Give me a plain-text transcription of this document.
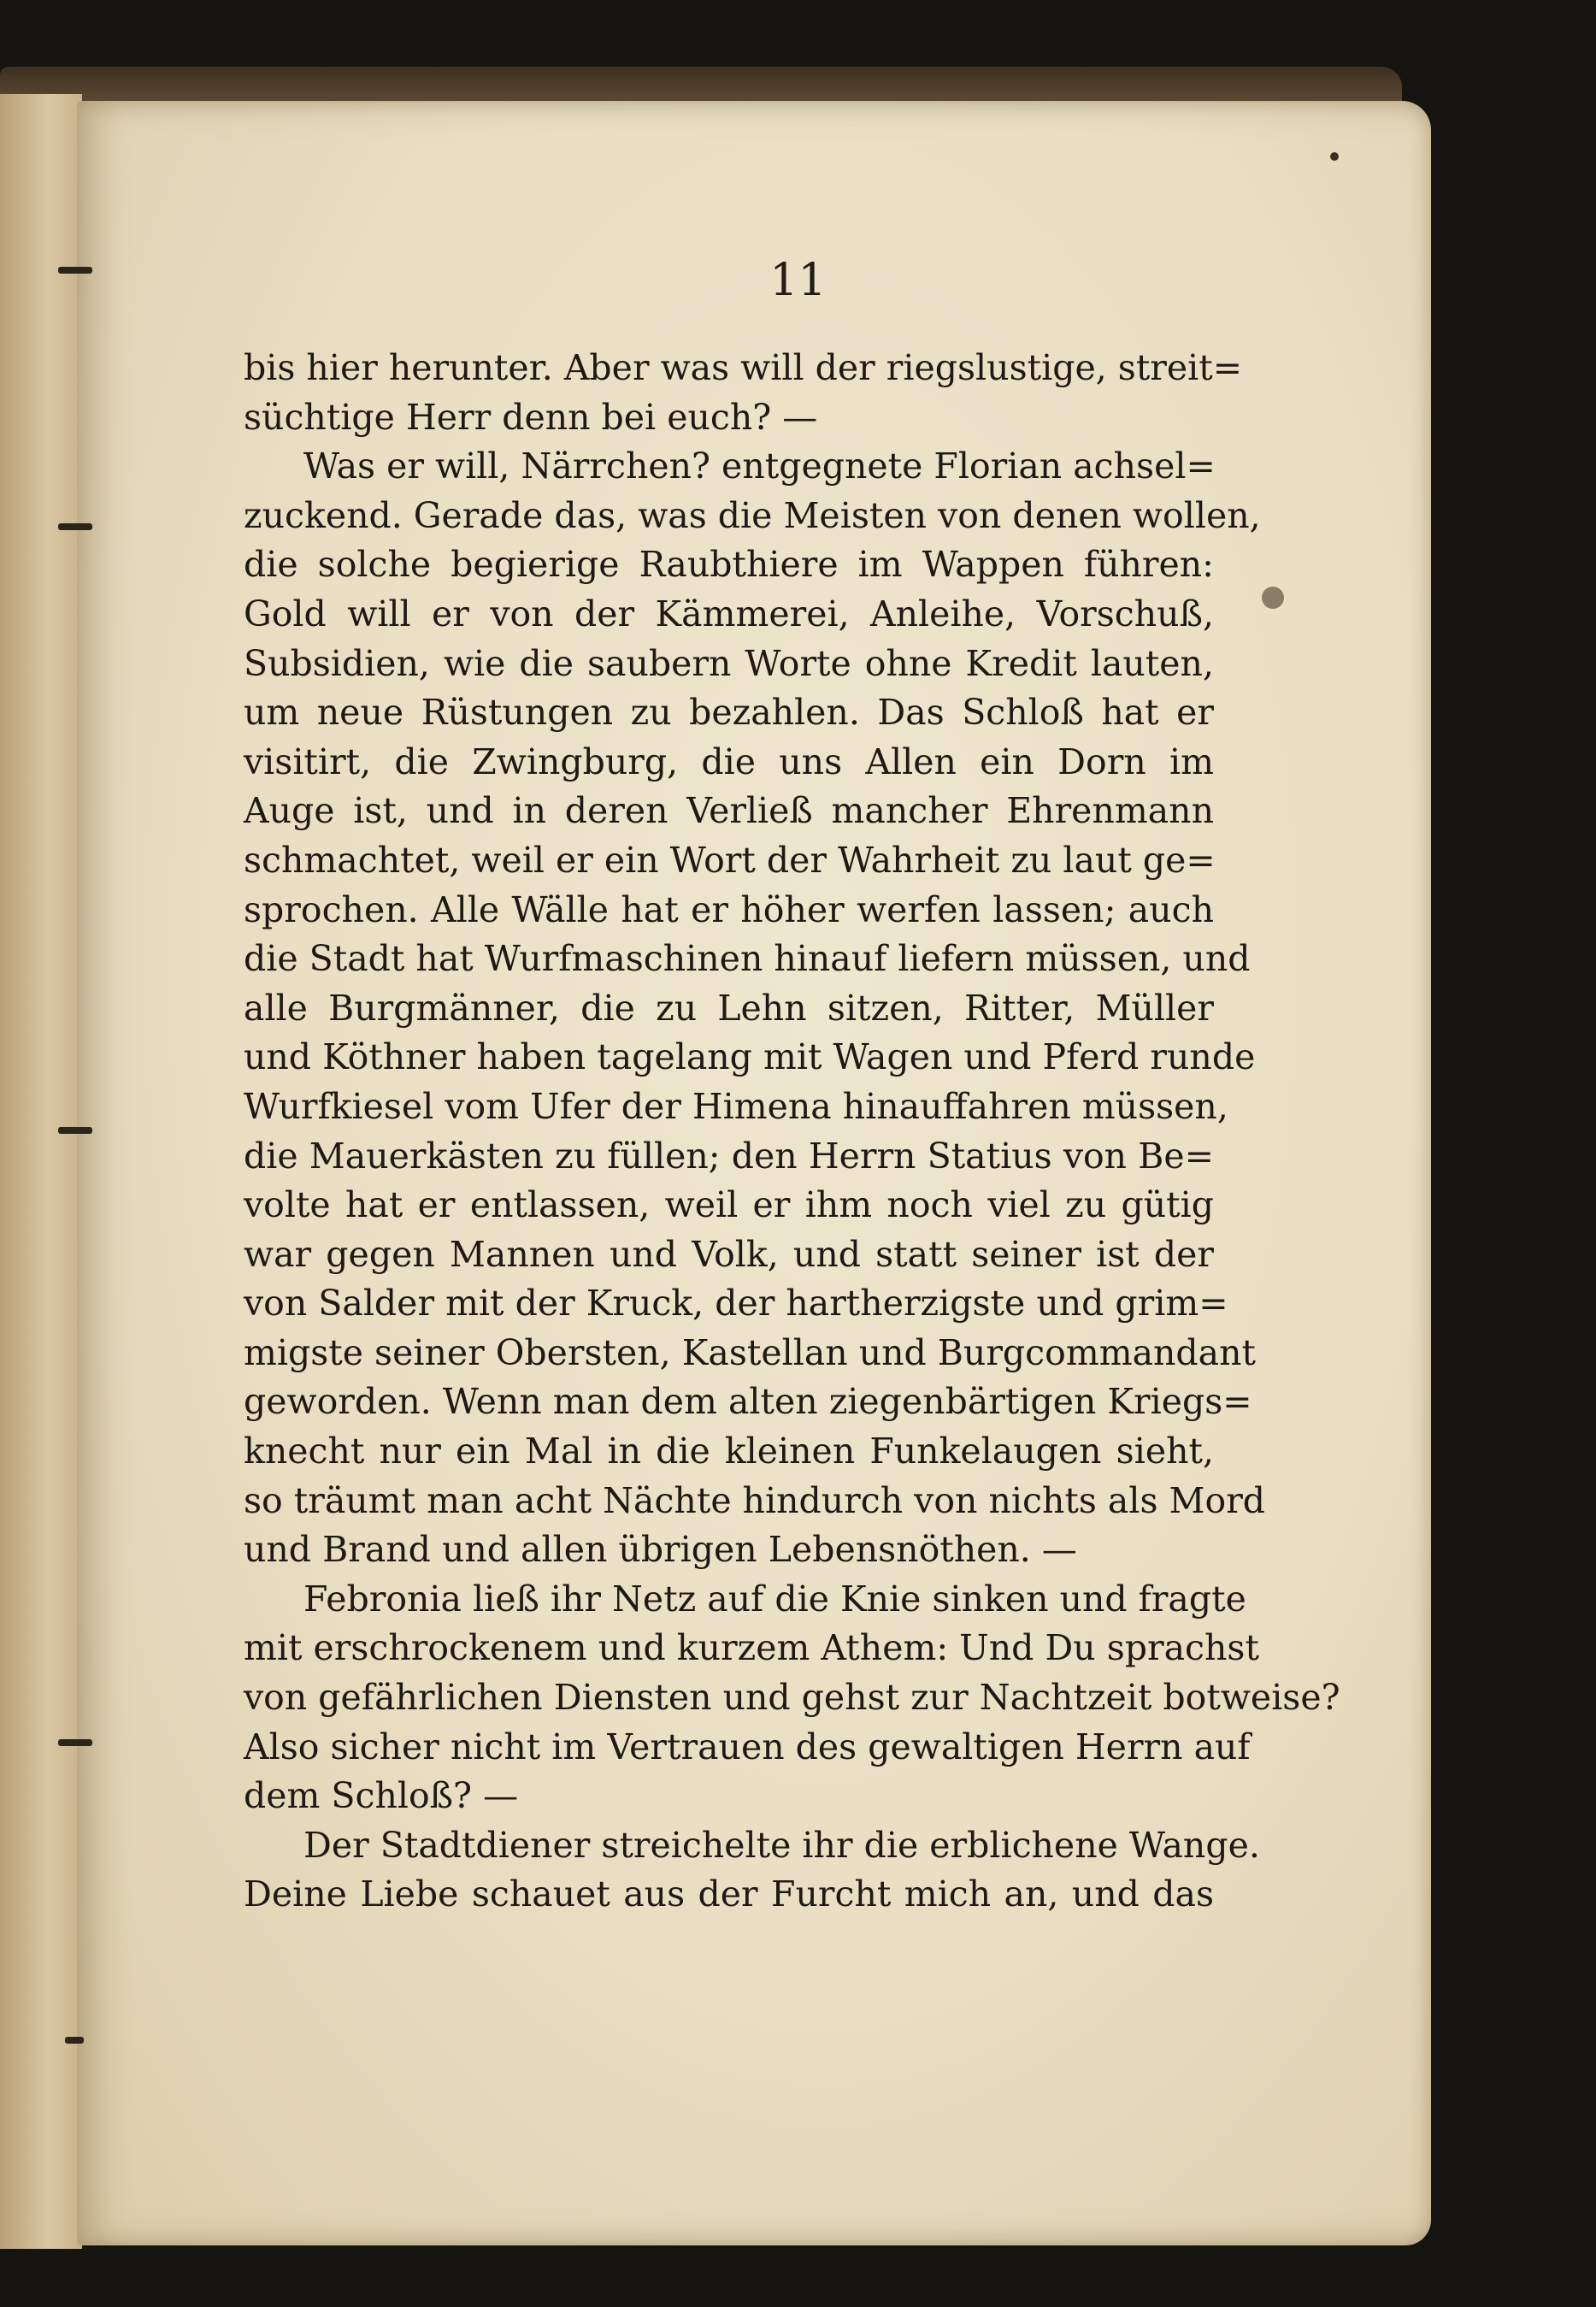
11
bis hier herunter. Aber was will der riegslustige, streit=
süchtige Herr denn bei euch? —
Was er will, Närrchen? entgegnete Florian achsel=
zuckend. Gerade das, was die Meisten von denen wollen,
die solche begierige Raubthiere im Wappen führen:
Gold will er von der Kämmerei, Anleihe, Vorschuß,
Subsidien, wie die saubern Worte ohne Kredit lauten,
um neue Rüstungen zu bezahlen. Das Schloß hat er
visitirt, die Zwingburg, die uns Allen ein Dorn im
Auge ist, und in deren Verließ mancher Ehrenmann
schmachtet, weil er ein Wort der Wahrheit zu laut ge=
sprochen. Alle Wälle hat er höher werfen lassen; auch
die Stadt hat Wurfmaschinen hinauf liefern müssen, und
alle Burgmänner, die zu Lehn sitzen, Ritter, Müller
und Köthner haben tagelang mit Wagen und Pferd runde
Wurfkiesel vom Ufer der Himena hinauffahren müssen,
die Mauerkästen zu füllen; den Herrn Statius von Be=
volte hat er entlassen, weil er ihm noch viel zu gütig
war gegen Mannen und Volk, und statt seiner ist der
von Salder mit der Kruck, der hartherzigste und grim=
migste seiner Obersten, Kastellan und Burgcommandant
geworden. Wenn man dem alten ziegenbärtigen Kriegs=
knecht nur ein Mal in die kleinen Funkelaugen sieht,
so träumt man acht Nächte hindurch von nichts als Mord
und Brand und allen übrigen Lebensnöthen. —
Febronia ließ ihr Netz auf die Knie sinken und fragte
mit erschrockenem und kurzem Athem: Und Du sprachst
von gefährlichen Diensten und gehst zur Nachtzeit botweise?
Also sicher nicht im Vertrauen des gewaltigen Herrn auf
dem Schloß? —
Der Stadtdiener streichelte ihr die erblichene Wange.
Deine Liebe schauet aus der Furcht mich an, und das
